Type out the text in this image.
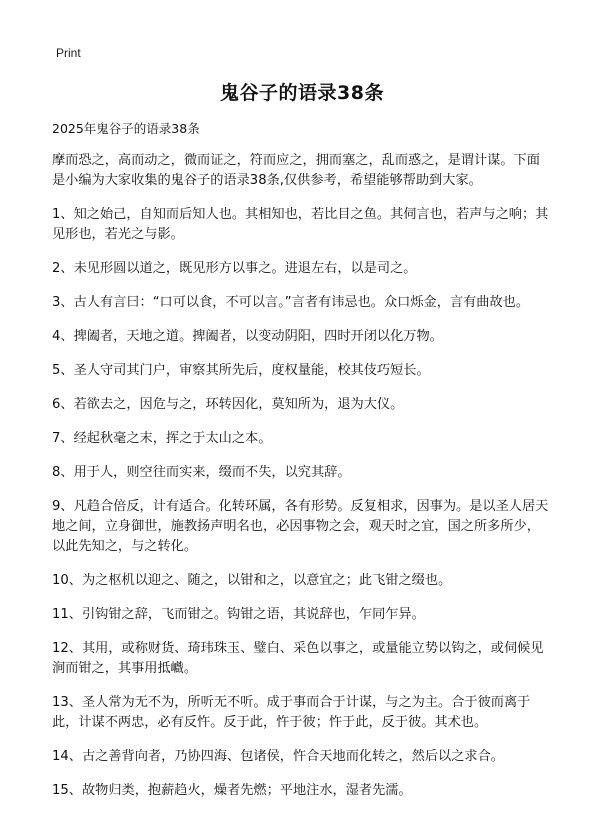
Print
鬼谷子的语录38条

2025年鬼谷子的语录38条

摩而恐之，高而动之，微而证之，符而应之，拥而塞之，乱而惑之，是谓计谋。下面是小编为大家收集的鬼谷子的语录38条,仅供参考，希望能够帮助到大家。

1、知之始己，自知而后知人也。其相知也，若比目之鱼。其伺言也，若声与之响；其见形也，若光之与影。
2、未见形圆以道之，既见形方以事之。进退左右，以是司之。
3、古人有言曰：“口可以食，不可以言。”言者有讳忌也。众口烁金，言有曲故也。
4、捭阖者，天地之道。捭阖者，以变动阴阳，四时开闭以化万物。
5、圣人守司其门户，审察其所先后，度权量能，校其伎巧短长。
6、若欲去之，因危与之，环转因化，莫知所为，退为大仪。
7、经起秋毫之末，挥之于太山之本。
8、用于人，则空往而实来，缀而不失，以究其辞。
9、凡趋合倍反，计有适合。化转环属，各有形势。反复相求，因事为。是以圣人居天地之间，立身御世，施教扬声明名也，必因事物之会，观天时之宜，国之所多所少，以此先知之，与之转化。
10、为之枢机以迎之、随之，以钳和之，以意宜之；此飞钳之缀也。
11、引钩钳之辞，飞而钳之。钩钳之语，其说辞也，乍同乍异。
12、其用，或称财货、琦玮珠玉、璧白、采色以事之，或量能立势以钩之，或伺候见涧而钳之，其事用抵巇。
13、圣人常为无不为，所听无不听。成于事而合于计谋，与之为主。合于彼而离于此，计谋不两忠，必有反忤。反于此，忤于彼；忤于此，反于彼。其术也。
14、古之善背向者，乃协四海、包诸侯，忤合天地而化转之，然后以之求合。
15、故物归类，抱薪趋火，燥者先燃；平地注水，湿者先濡。
